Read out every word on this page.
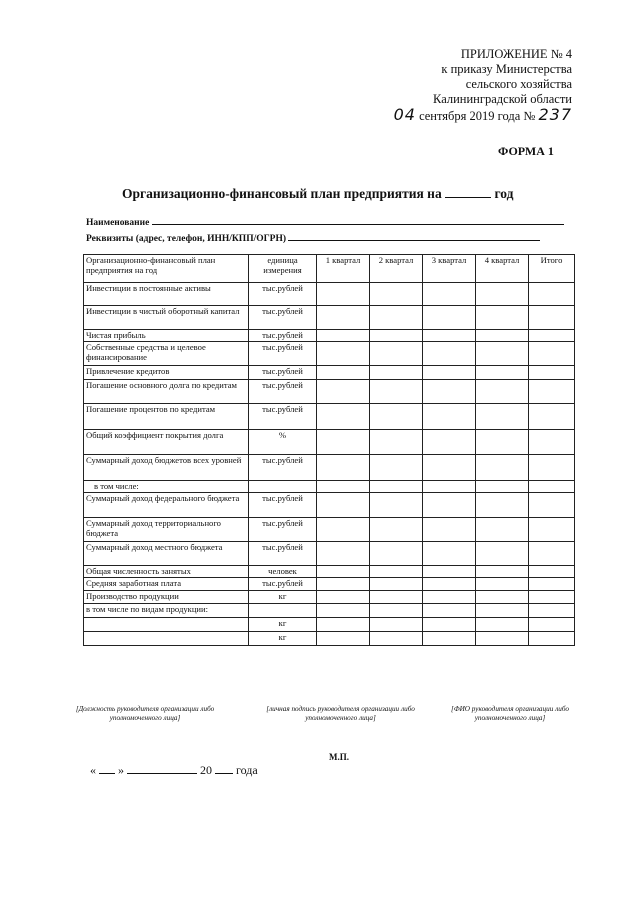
ПРИЛОЖЕНИЕ № 4
к приказу Министерства
сельского хозяйства
Калининградской области
04 сентября 2019 года № 237
ФОРМА 1
Организационно-финансовый план предприятия на	год
Наименование
Реквизиты (адрес, телефон, ИНН/КПП/ОГРН)
Организационно-финансовый план предприятия на год	единица измерения	1 квартал	2 квартал	3 квартал	4 квартал	Итого
Инвестиции в постоянные активы	тыс.рублей					
Инвестиции в чистый оборотный капитал	тыс.рублей					
Чистая прибыль	тыс.рублей					
Собственные средства и целевое финансирование	тыс.рублей					
Привлечение кредитов	тыс.рублей					
Погашение основного долга по кредитам	тыс.рублей					
Погашение процентов по кредитам	тыс.рублей					
Общий коэффициент покрытия долга	%					
Суммарный доход бюджетов всех уровней	тыс.рублей					
в том числе:						
Суммарный доход федерального бюджета	тыс.рублей					
Суммарный доход территориального бюджета	тыс.рублей					
Суммарный доход местного бюджета	тыс.рублей					
Общая численность занятых	человек					
Средняя заработная плата	тыс.рублей					
Производство продукции	кг					
в том числе по видам продукции:						
	кг					
	кг					
[Должность руководителя организации либо уполномоченного лица]
[личная подпись руководителя организации либо уполномоченного лица]
[ФИО руководителя организации либо уполномоченного лица]
М.П.
« »	20 года
